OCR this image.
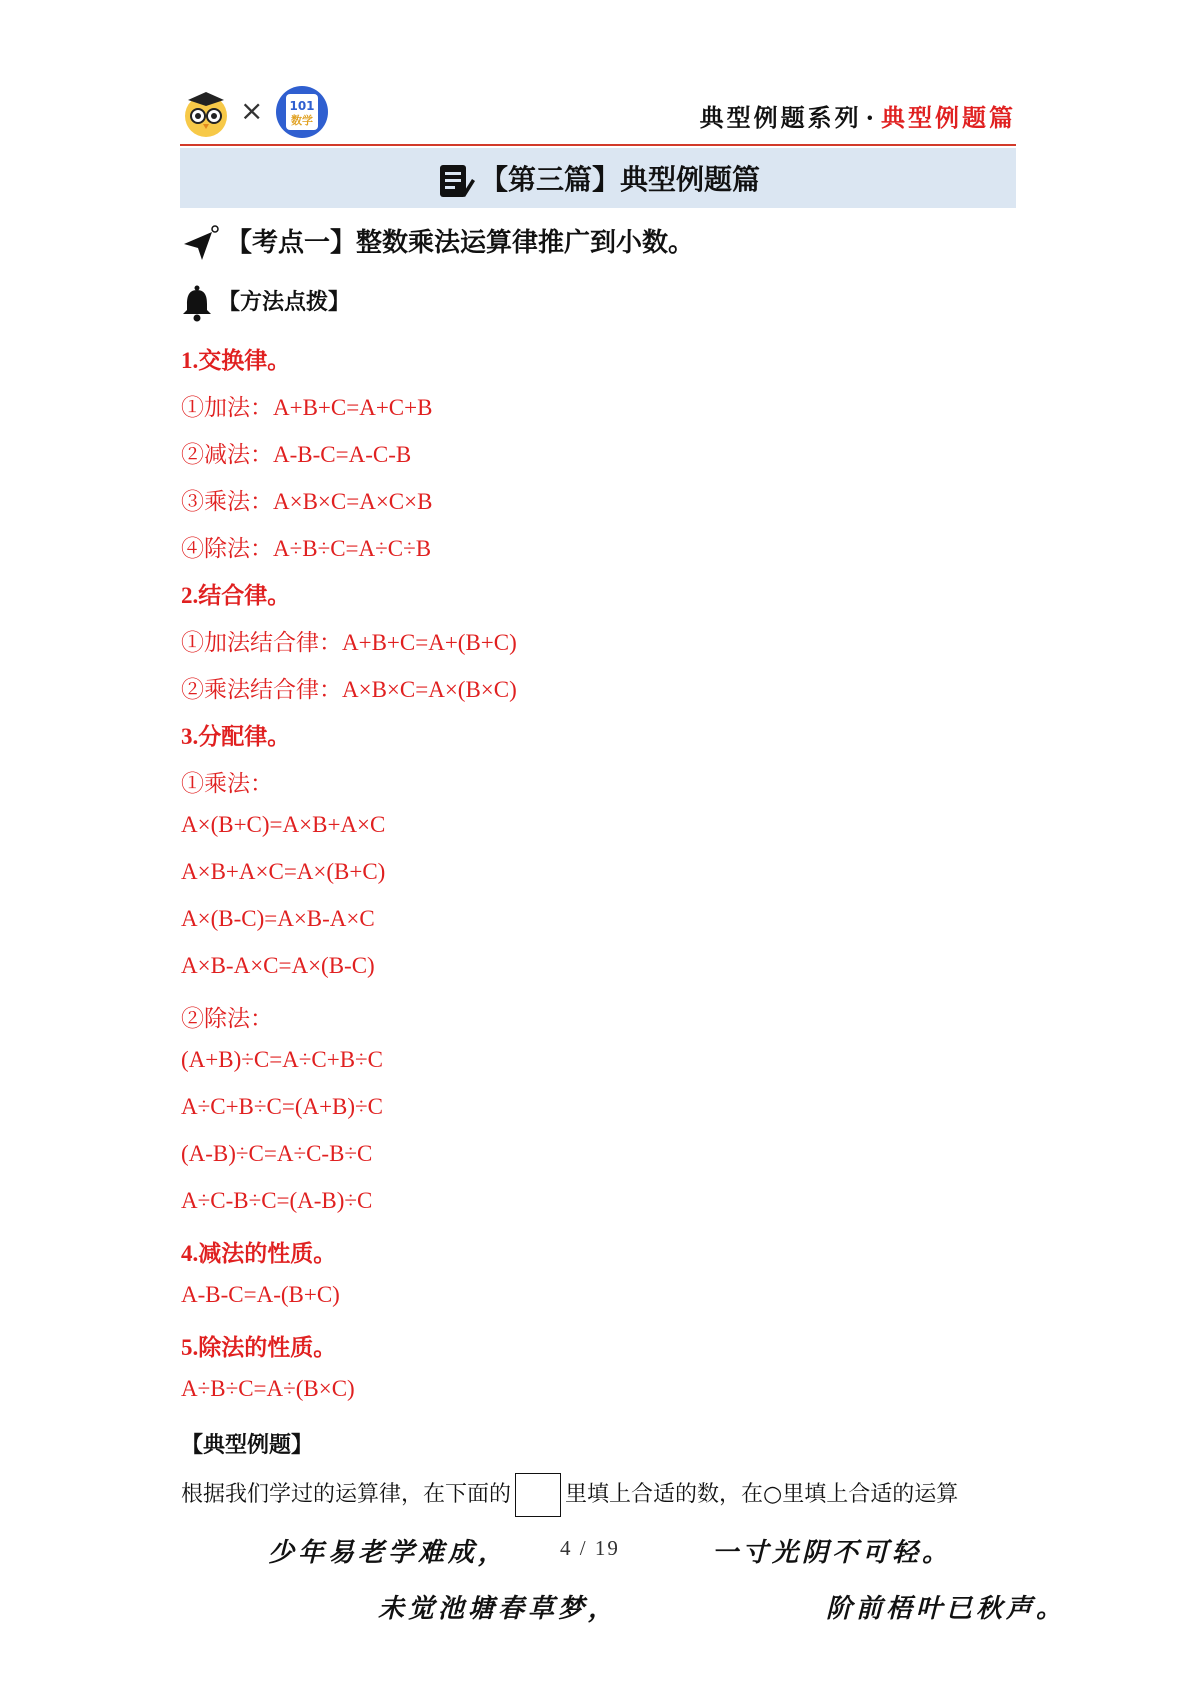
× 101
数学	典型例题系列 · 典型例题篇
【第三篇】典型例题篇
【考点一】整数乘法运算律推广到小数。
【方法点拨】
1.交换律。
①加法：A+B+C=A+C+B
②减法：A-B-C=A-C-B
③乘法：A×B×C=A×C×B
④除法：A÷B÷C=A÷C÷B
2.结合律。
①加法结合律：A+B+C=A+(B+C)
②乘法结合律：A×B×C=A×(B×C)
3.分配律。
①乘法：
A×(B+C)=A×B+A×C
A×B+A×C=A×(B+C)
A×(B-C)=A×B-A×C
A×B-A×C=A×(B-C)
②除法：
(A+B)÷C=A÷C+B÷C
A÷C+B÷C=(A+B)÷C
(A-B)÷C=A÷C-B÷C
A÷C-B÷C=(A-B)÷C
4.减法的性质。
A-B-C=A-(B+C)
5.除法的性质。
A÷B÷C=A÷(B×C)
【典型例题】
根据我们学过的运算律，在下面的 里填上合适的数，在○里填上合适的运算
少年易老学难成， 4 / 19	一寸光阴不可轻。
未觉池塘春草梦，	阶前梧叶已秋声。
